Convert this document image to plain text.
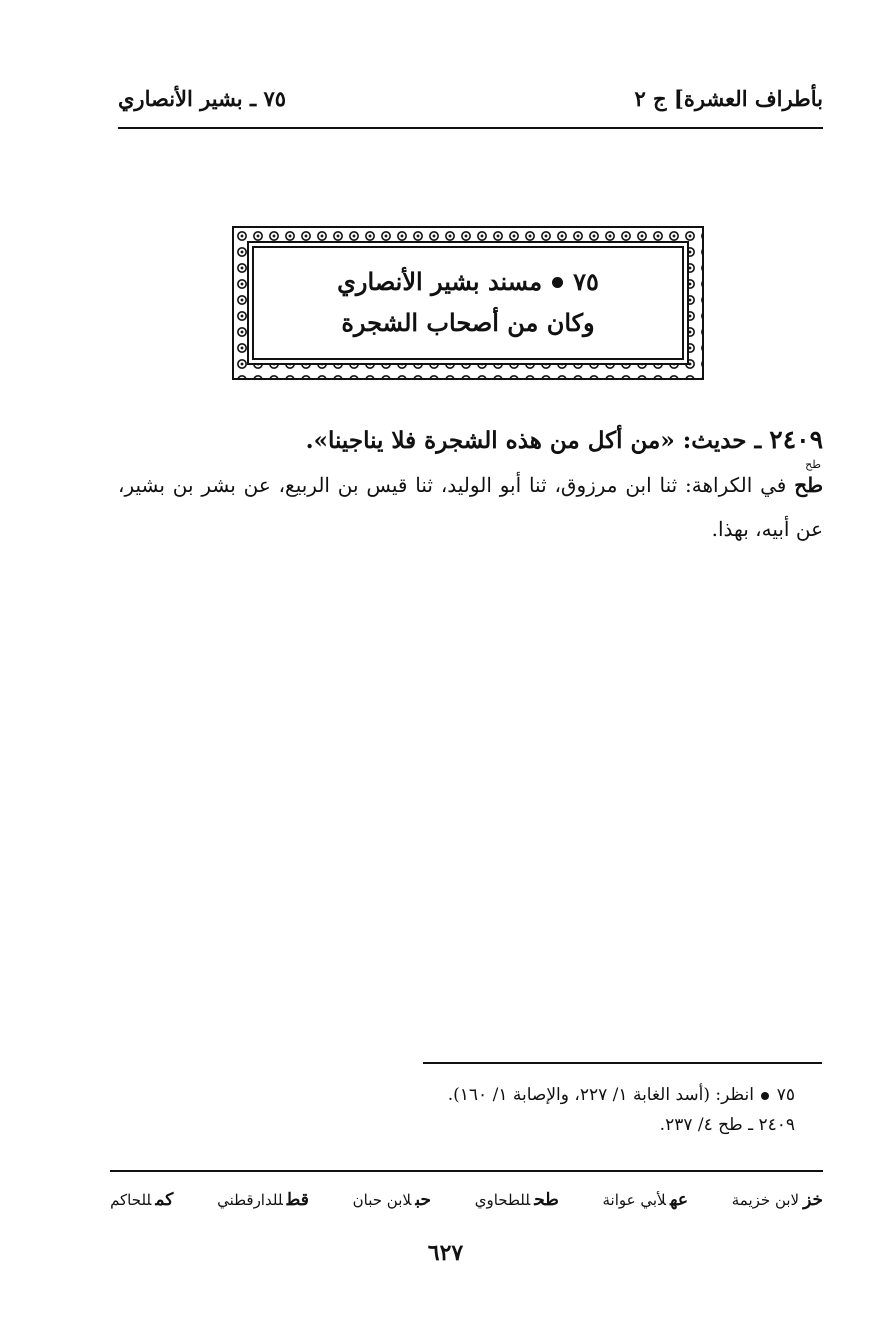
بأطراف العشرة] ج ٢
٧٥ ـ بشير الأنصاري
٧٥
مسند بشير الأنصاري
وكان من أصحاب الشجرة
٢٤٠٩ ـ حديث: «من أكل من هذه الشجرة فلا يناجينا».
طح
طح في الكراهة: ثنا ابن مرزوق، ثنا أبو الوليد، ثنا قيس بن الربيع، عن بشر بن بشير، عن أبيه، بهذا.
٧٥  انظر: (أسد الغابة ١/ ٢٢٧، والإصابة ١/ ١٦٠).
٢٤٠٩ ـ طح ٤/ ٢٣٧.
خزلابن خزيمة
عهلأبي عوانة
طحللطحاوي
حبلابن حبان
قطللدارقطني
كمللحاكم
٦٢٧
